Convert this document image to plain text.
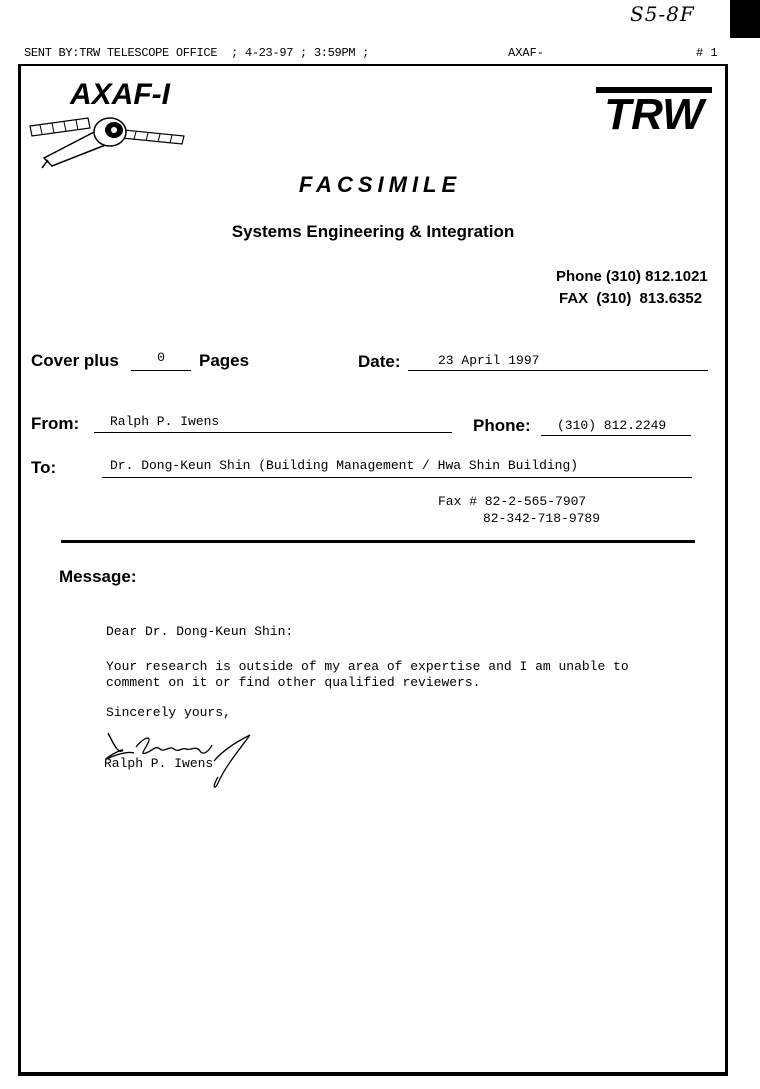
S5-8F
SENT BY:TRW TELESCOPE OFFICE  ; 4-23-97 ; 3:59PM ;	AXAF-	# 1
AXAF-I	TRW
FACSIMILE
Systems Engineering & Integration
Phone (310) 812.1021
FAX (310) 813.6352
Cover plus	0	Pages	Date:	23 April 1997
From:	Ralph P. Iwens	Phone:	(310) 812.2249
To:	Dr. Dong-Keun Shin (Building Management / Hwa Shin Building)
Fax # 82-2-565-7907
82-342-718-9789
Message:
Dear Dr. Dong-Keun Shin:
Your research is outside of my area of expertise and I am unable to comment on it or find other qualified reviewers.
Sincerely yours,
Ralph P. Iwens
